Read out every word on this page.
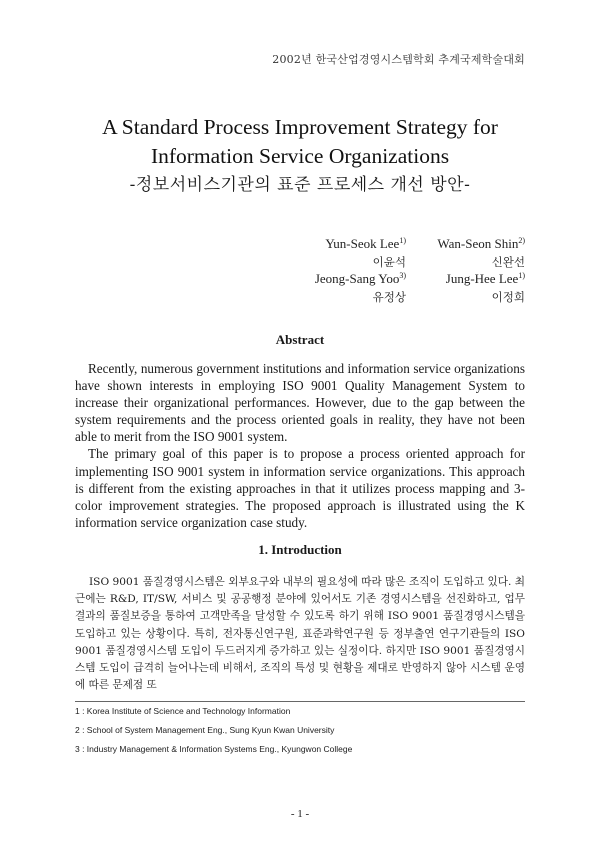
2002년 한국산업경영시스템학회 추계국제학술대회
A Standard Process Improvement Strategy for
Information Service Organizations
-정보서비스기관의 표준 프로세스 개선 방안-
Yun-Seok Lee$^{1)}$
이윤석
Jeong-Sang Yoo$^{3)}$
유정상
Wan-Seon Shin$^{2)}$
신완선
Jung-Hee Lee$^{1)}$
이정희
Abstract

Recently, numerous government institutions and information service organizations have shown interests in employing ISO 9001 Quality Management System to increase their organizational performances. However, due to the gap between the system requirements and the process oriented goals in reality, they have not been able to merit from the ISO 9001 system.

The primary goal of this paper is to propose a process oriented approach for implementing ISO 9001 system in information service organizations. This approach is different from the existing approaches in that it utilizes process mapping and 3-color improvement strategies. The proposed approach is illustrated using the K information service organization case study.

1. Introduction

ISO 9001 품질경영시스템은 외부요구와 내부의 필요성에 따라 많은 조직이 도입하고 있다. 최근에는 R&D, IT/SW, 서비스 및 공공행정 분야에 있어서도 기존 경영시스템을 선진화하고, 업무결과의 품질보증을 통하여 고객만족을 달성할 수 있도록 하기 위해 ISO 9001 품질경영시스템을 도입하고 있는 상황이다. 특히, 전자통신연구원, 표준과학연구원 등 정부출연 연구기관들의 ISO 9001 품질경영시스템 도입이 두드러지게 증가하고 있는 실정이다. 하지만 ISO 9001 품질경영시스템 도입이 급격히 늘어나는데 비해서, 조직의 특성 및 현황을 제대로 반영하지 않아 시스템 운영에 따른 문제점 또

1 : Korea Institute of Science and Technology Information
2 : School of System Management Eng., Sung Kyun Kwan University
3 : Industry Management & Information Systems Eng., Kyungwon College
- 1 -
